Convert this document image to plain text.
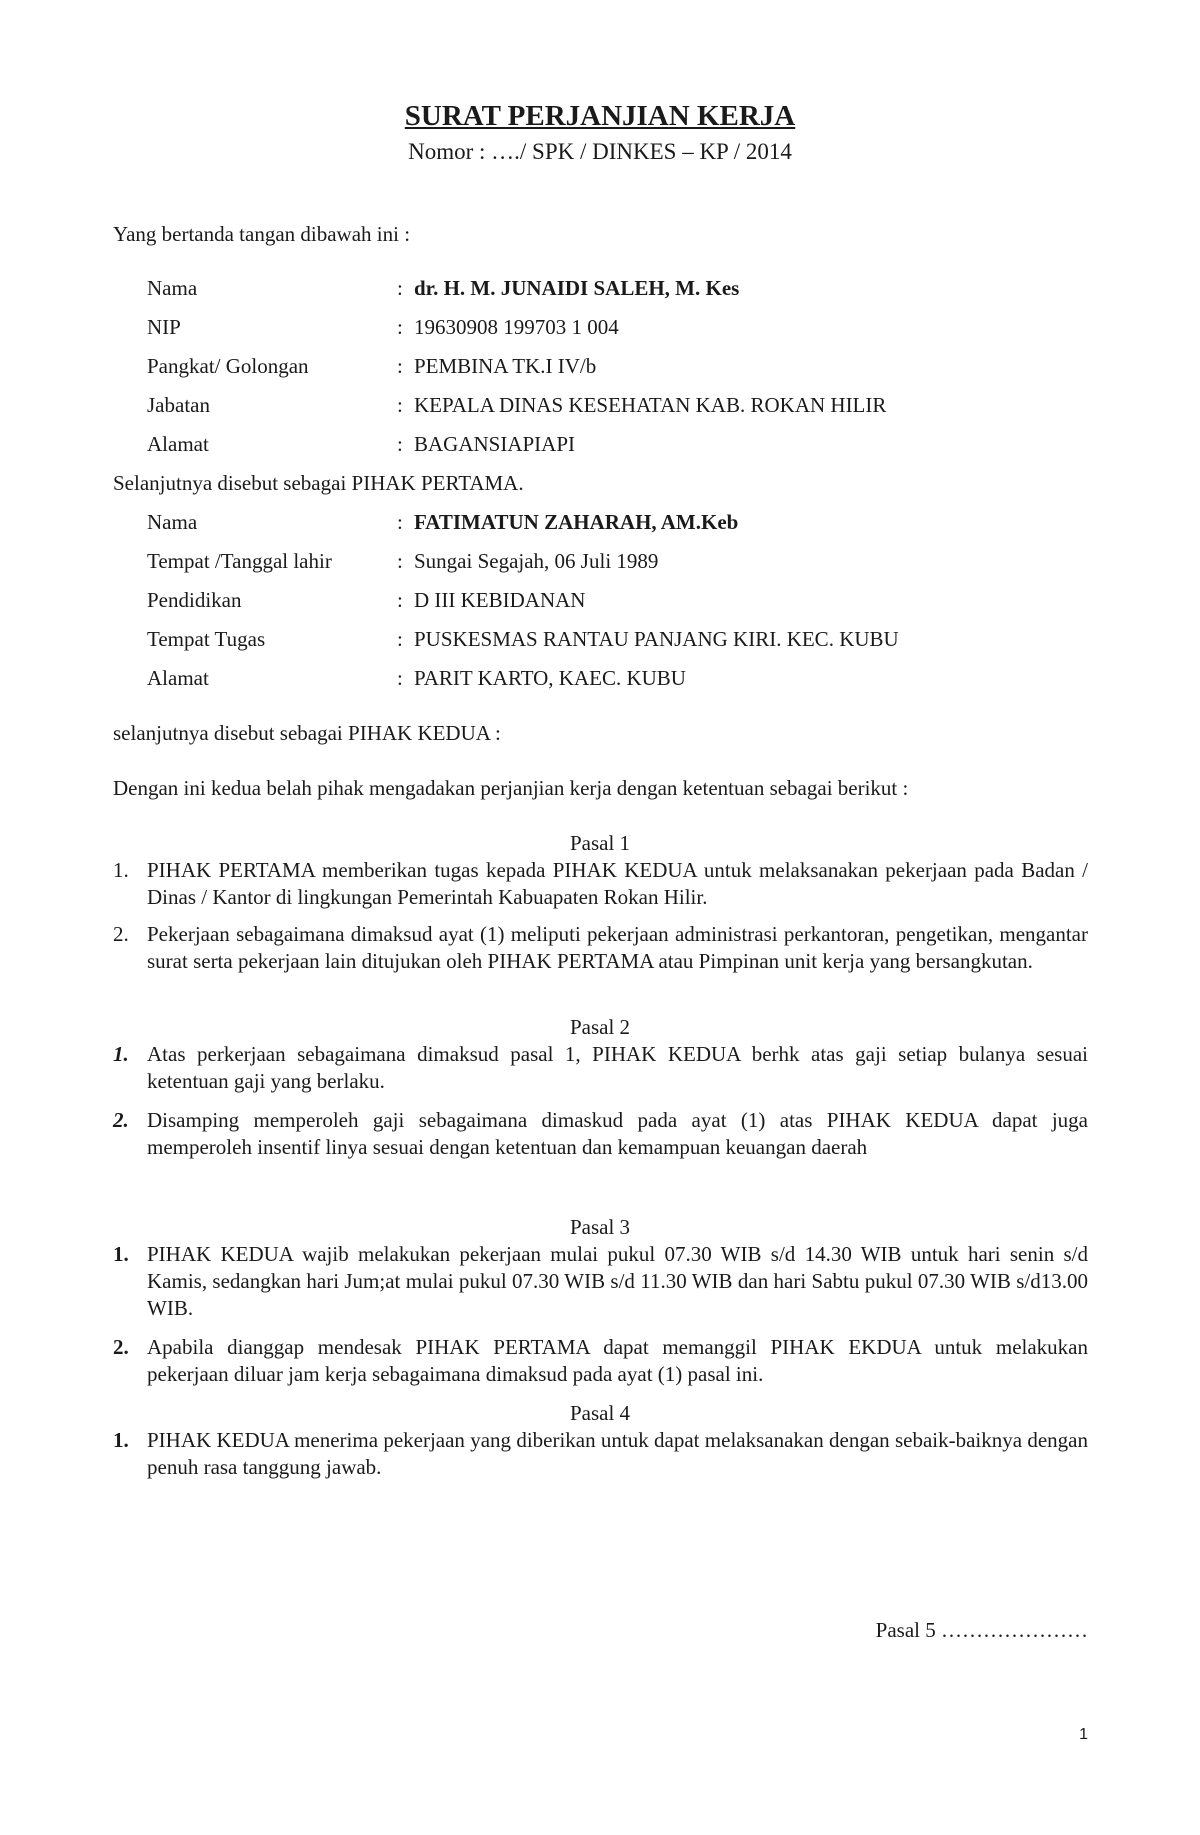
SURAT PERJANJIAN KERJA
Nomor : …./ SPK / DINKES – KP / 2014
Yang bertanda tangan dibawah ini :
Nama	: dr. H. M. JUNAIDI SALEH, M. Kes
NIP	: 19630908 199703 1 004
Pangkat/ Golongan	: PEMBINA TK.I IV/b
Jabatan	: KEPALA DINAS KESEHATAN KAB. ROKAN HILIR
Alamat	: BAGANSIAPIAPI
Selanjutnya disebut sebagai PIHAK PERTAMA.
Nama	: FATIMATUN ZAHARAH, AM.Keb
Tempat /Tanggal lahir	: Sungai Segajah, 06 Juli 1989
Pendidikan	: D III KEBIDANAN
Tempat Tugas	: PUSKESMAS RANTAU PANJANG KIRI. KEC. KUBU
Alamat	: PARIT KARTO, KAEC. KUBU
selanjutnya disebut sebagai PIHAK KEDUA :
Dengan ini kedua belah pihak mengadakan perjanjian kerja dengan ketentuan sebagai berikut :
Pasal 1
1. PIHAK PERTAMA memberikan tugas kepada PIHAK KEDUA untuk melaksanakan pekerjaan pada Badan / Dinas / Kantor di lingkungan Pemerintah Kabuapaten Rokan Hilir.
2. Pekerjaan sebagaimana dimaksud ayat (1) meliputi pekerjaan administrasi perkantoran, pengetikan, mengantar surat serta pekerjaan lain ditujukan oleh PIHAK PERTAMA atau Pimpinan unit kerja yang bersangkutan.
Pasal 2
1. Atas perkerjaan sebagaimana dimaksud pasal 1, PIHAK KEDUA berhk atas gaji setiap bulanya sesuai ketentuan gaji yang berlaku.
2. Disamping memperoleh gaji sebagaimana dimaskud pada ayat (1) atas PIHAK KEDUA dapat juga memperoleh insentif linya sesuai dengan ketentuan dan kemampuan keuangan daerah
Pasal 3
1. PIHAK KEDUA wajib melakukan pekerjaan mulai pukul 07.30 WIB s/d 14.30 WIB untuk hari senin s/d Kamis, sedangkan hari Jum;at mulai pukul 07.30 WIB s/d 11.30 WIB dan hari Sabtu pukul 07.30 WIB s/d13.00 WIB.
2. Apabila dianggap mendesak PIHAK PERTAMA dapat memanggil PIHAK EKDUA untuk melakukan pekerjaan diluar jam kerja sebagaimana dimaksud pada ayat (1) pasal ini.
Pasal 4
1. PIHAK KEDUA menerima pekerjaan yang diberikan untuk dapat melaksanakan dengan sebaik-baiknya dengan penuh rasa tanggung jawab.
Pasal 5 …………………
1
